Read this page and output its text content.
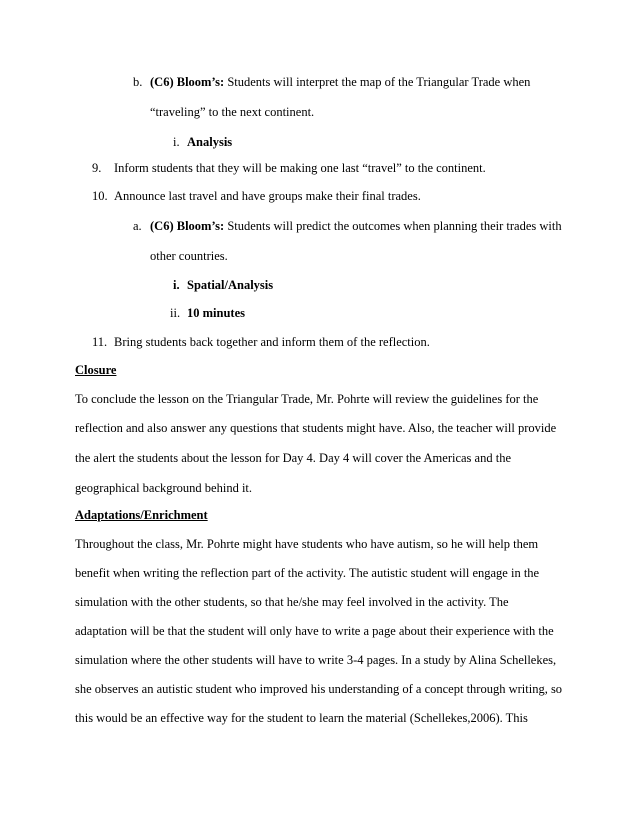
b. (C6) Bloom’s: Students will interpret the map of the Triangular Trade when
“traveling” to the next continent.
i. Analysis
9. Inform students that they will be making one last “travel” to the continent.
10. Announce last travel and have groups make their final trades.
a. (C6) Bloom’s: Students will predict the outcomes when planning their trades with
other countries.
i. Spatial/Analysis
ii. 10 minutes
11. Bring students back together and inform them of the reflection.
Closure
To conclude the lesson on the Triangular Trade, Mr. Pohrte will review the guidelines for the
reflection and also answer any questions that students might have. Also, the teacher will provide
the alert the students about the lesson for Day 4. Day 4 will cover the Americas and the
geographical background behind it.
Adaptations/Enrichment
Throughout the class, Mr. Pohrte might have students who have autism, so he will help them
benefit when writing the reflection part of the activity. The autistic student will engage in the
simulation with the other students, so that he/she may feel involved in the activity. The
adaptation will be that the student will only have to write a page about their experience with the
simulation where the other students will have to write 3-4 pages. In a study by Alina Schellekes,
she observes an autistic student who improved his understanding of a concept through writing, so
this would be an effective way for the student to learn the material (Schellekes,2006). This
